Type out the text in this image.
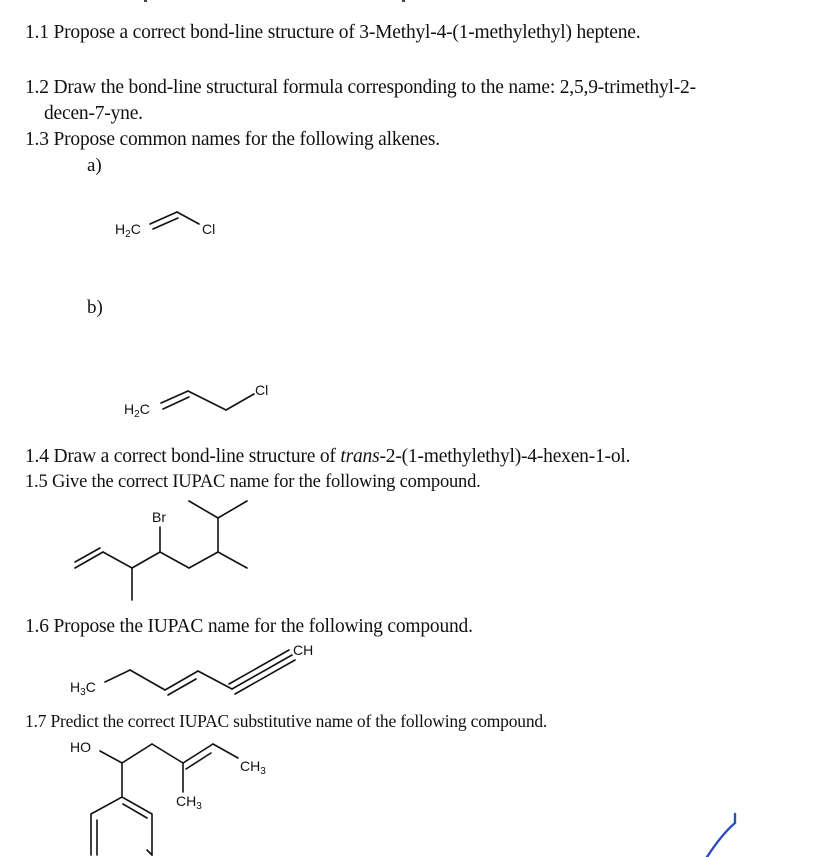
1.1 Propose a correct bond-line structure of 3-Methyl-4-(1-methylethyl) heptene.
1.2 Draw the bond-line structural formula corresponding to the name: 2,5,9-trimethyl-2-
decen-7-yne.
1.3 Propose common names for the following alkenes.
a)
b)
1.4 Draw a correct bond-line structure of trans-2-(1-methylethyl)-4-hexen-1-ol.
1.5 Give the correct IUPAC name for the following compound.
1.6 Propose the IUPAC name for the following compound.
1.7 Predict the correct IUPAC substitutive name of the following compound.
$H_2C$	Cl
$H_2C$
Cl
Br
$H_3C$
CH
HO
$CH_3$
$CH_3$
